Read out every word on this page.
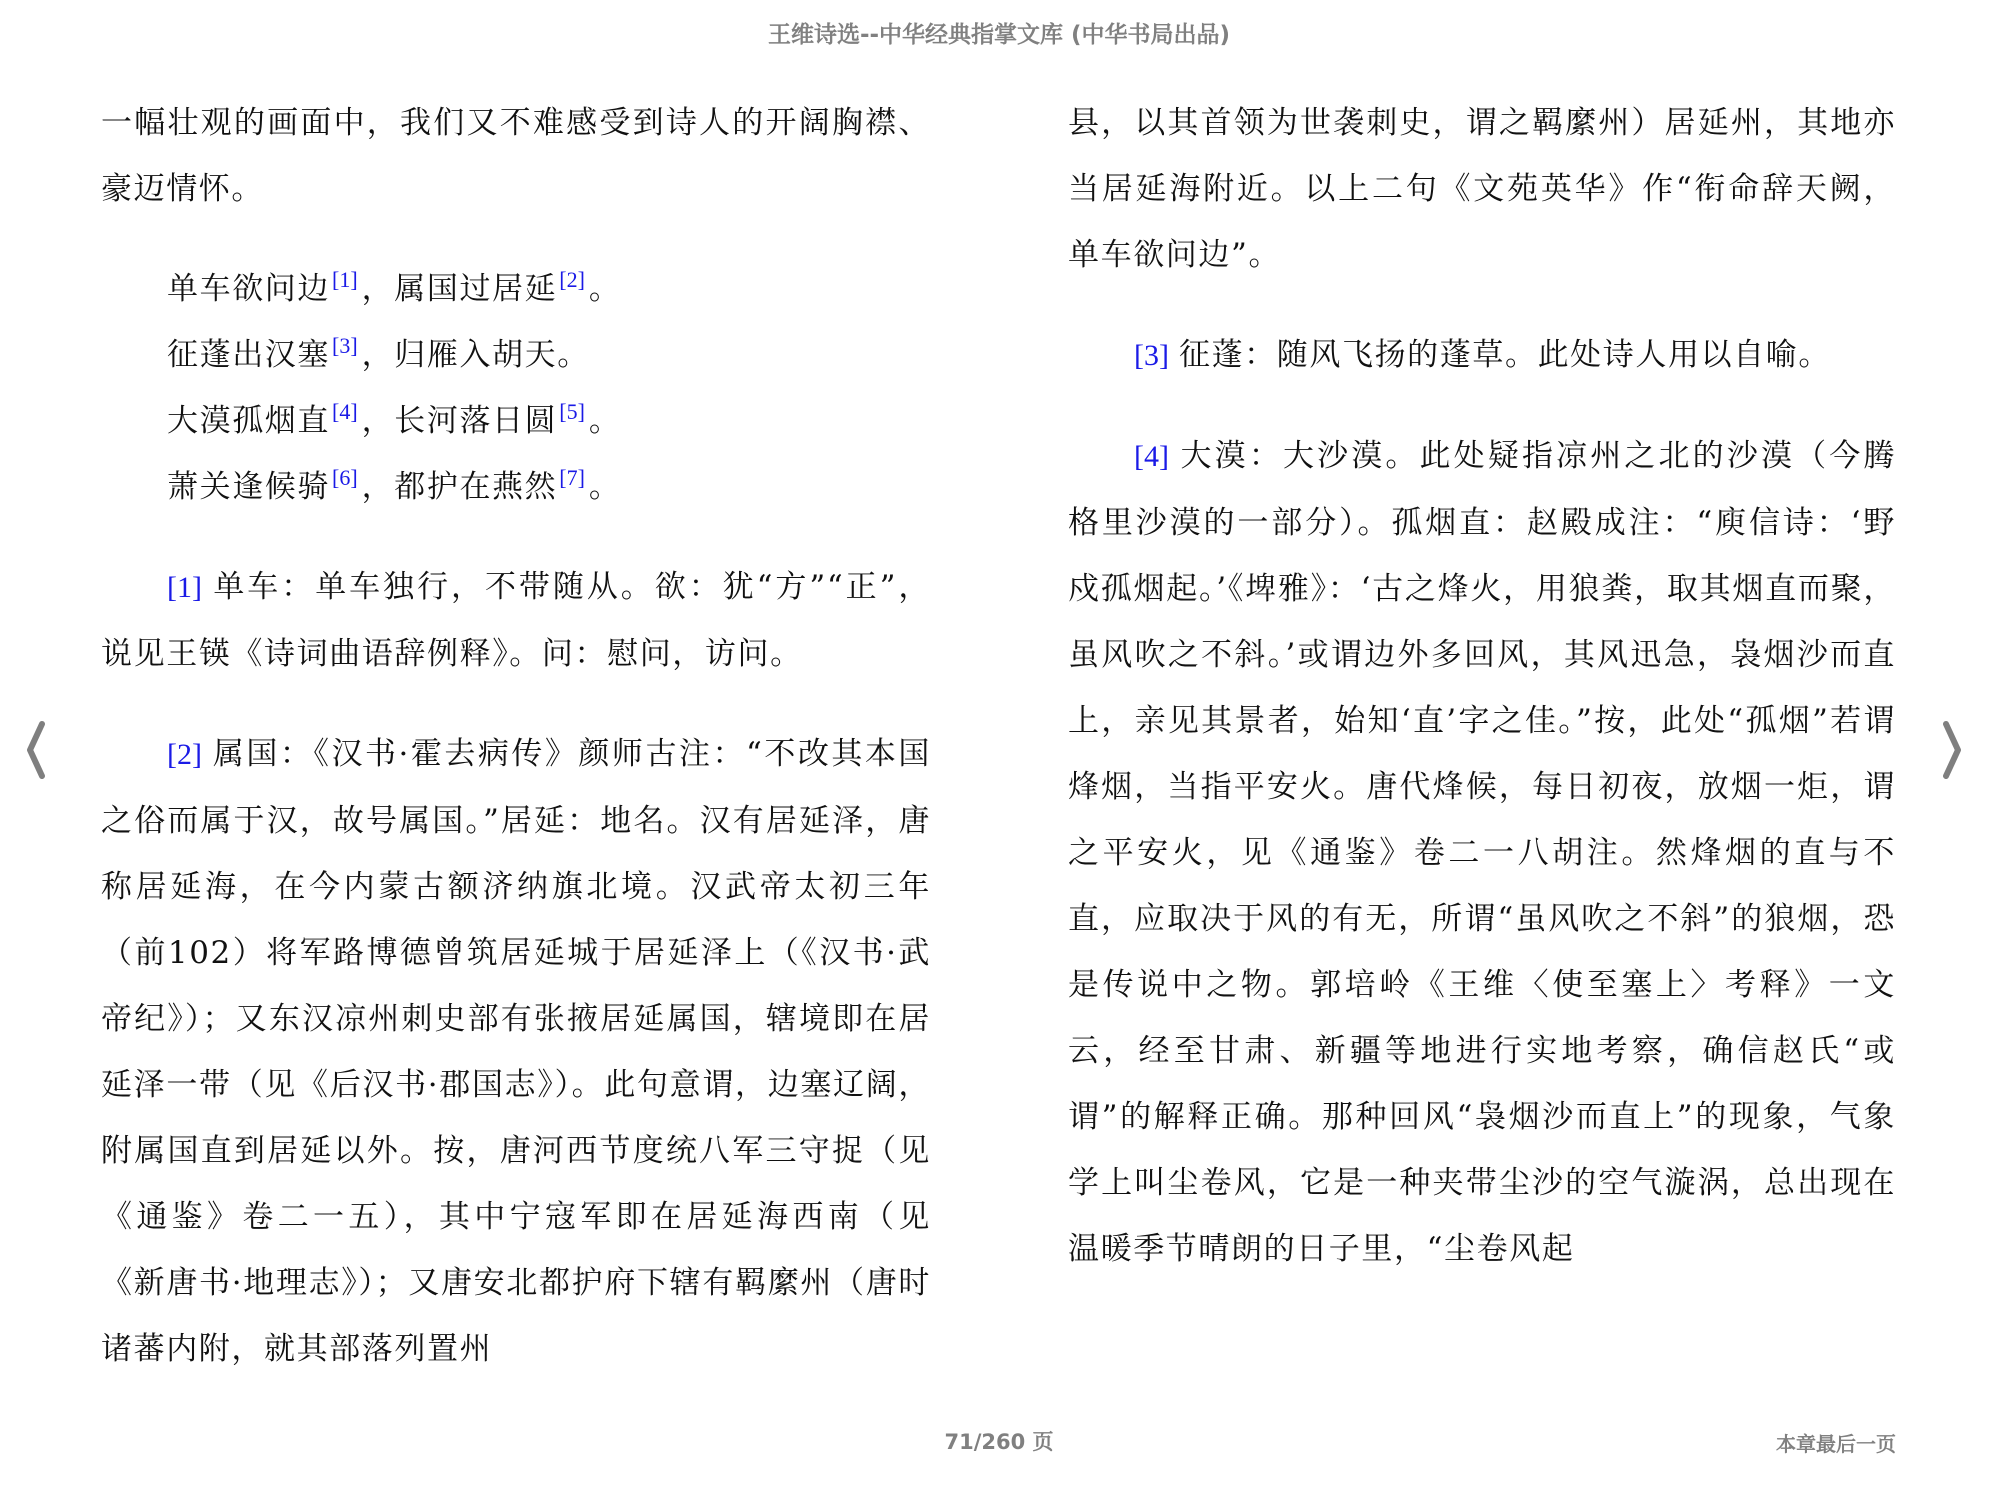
王维诗选--中华经典指掌文库 (中华书局出品)

一幅壮观的画面中，我们又不难感受到诗人的开阔胸襟、豪迈情怀。

单车欲问边[1] ，属国过居延[2] 。
征蓬出汉塞[3] ，归雁入胡天。
大漠孤烟直[4] ，长河落日圆[5] 。
萧关逢候骑[6] ，都护在燕然[7] 。

[1] 单车：单车独行，不带随从。欲：犹“方”“正”，说见王锳《诗词曲语辞例释》。问：慰问，访问。

[2] 属国：《汉书·霍去病传》颜师古注：“不改其本国之俗而属于汉，故号属国。”居延：地名。汉有居延泽，唐称居延海，在今内蒙古额济纳旗北境。汉武帝太初三年（前102）将军路博德曾筑居延城于居延泽上（《汉书·武帝纪》）；又东汉凉州刺史部有张掖居延属国，辖境即在居延泽一带（见《后汉书·郡国志》）。此句意谓，边塞辽阔，附属国直到居延以外。按，唐河西节度统八军三守捉（见《通鉴》卷二一五），其中宁寇军即在居延海西南（见《新唐书·地理志》）；又唐安北都护府下辖有羁縻州（唐时诸蕃内附，就其部落列置州

县，以其首领为世袭刺史，谓之羁縻州）居延州，其地亦当居延海附近。以上二句《文苑英华》作“衔命辞天阙，单车欲问边”。

[3] 征蓬：随风飞扬的蓬草。此处诗人用以自喻。

[4] 大漠：大沙漠。此处疑指凉州之北的沙漠（今腾格里沙漠的一部分）。孤烟直：赵殿成注：“庾信诗：‘野戍孤烟起。’《埤雅》：‘古之烽火，用狼粪，取其烟直而聚，虽风吹之不斜。’或谓边外多回风，其风迅急，袅烟沙而直上，亲见其景者，始知‘直’字之佳。”按，此处“孤烟”若谓烽烟，当指平安火。唐代烽候，每日初夜，放烟一炬，谓之平安火，见《通鉴》卷二一八胡注。然烽烟的直与不直，应取决于风的有无，所谓“虽风吹之不斜”的狼烟，恐是传说中之物。郭培岭《王维〈使至塞上〉考释》一文云，经至甘肃、新疆等地进行实地考察，确信赵氏“或谓”的解释正确。那种回风“袅烟沙而直上”的现象，气象学上叫尘卷风，它是一种夹带尘沙的空气漩涡，总出现在温暖季节晴朗的日子里，“尘卷风起

71/260 页	本章最后一页
